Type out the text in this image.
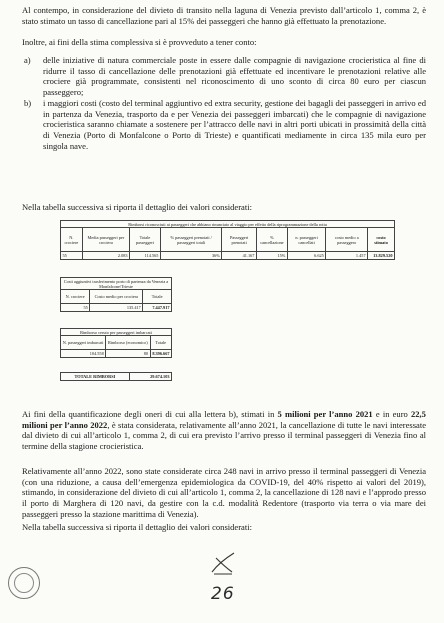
Al contempo, in considerazione del divieto di transito nella laguna di Venezia previsto dall’articolo 1, comma 2, è stato stimato un tasso di cancellazione pari al 15% dei passeggeri che hanno già effettuato la prenotazione.
Inoltre, ai fini della stima complessiva si è provveduto a tener conto:
a) delle iniziative di natura commerciale poste in essere dalle compagnie di navigazione crocieristica al fine di ridurre il tasso di cancellazione delle prenotazioni già effettuate ed incentivare le prenotazioni relative alle crociere già programmate, consistenti nel riconoscimento di uno sconto di circa 80 euro per ciascun passeggero;
b) i maggiori costi (costo del terminal aggiuntivo ed extra security, gestione dei bagagli dei passeggeri in arrivo ed in partenza da Venezia, trasporto da e per Venezia dei passeggeri imbarcati) che le compagnie di navigazione crocieristica saranno chiamate a sostenere per l’attracco delle navi in altri porti ubicati in prossimità della città di Venezia (Porto di Monfalcone o Porto di Trieste) e quantificati mediamente in circa 135 mila euro per singola nave.
Nella tabella successiva si riporta il dettaglio dei valori considerati:
Rimborsi riconosciuti ai passeggeri che abbiano rinunciato al viaggio per effetto della riprogrammazione della rotta								
N. crociere	Media passeggeri per crociera	Totale passeggeri	% passeggeri prenotati / passeggeri totali	Passeggeri prenotati	% cancellazione	n. passeggeri cancellati	costo medio a passeggero	costo stimato
55	2.083	114.565	36%	41.167	15%	6.625	1.457	13.829.520
Costi aggiuntivi trasferimento porto di partenza da Venezia a Monfalcone/Trieste		
N. crociere	Costo medio per crociera	Totale
55	135.417	7.447.917
Rimborso ceruto per passeggeri imbarcati		
N. passeggeri imbarcati	Rimborso (economico)	Totale
104.558	80	8.396.667
TOTALE RIMBORSI	29.674.103
Ai fini della quantificazione degli oneri di cui alla lettera b), stimati in 5 milioni per l’anno 2021 e in euro 22,5 milioni per l’anno 2022, è stata considerata, relativamente all’anno 2021, la cancellazione di tutte le navi interessate dal divieto di cui all’articolo 1, comma 2, di cui era previsto l’arrivo presso il terminal passeggeri di Venezia fino al termine della stagione crocieristica.
Relativamente all’anno 2022, sono state considerate circa 248 navi in arrivo presso il terminal passeggeri di Venezia (con una riduzione, a causa dell’emergenza epidemiologica da COVID-19, del 40% rispetto ai valori del 2019), stimando, in considerazione del divieto di cui all’articolo 1, comma 2, la cancellazione di 128 navi e l’approdo presso il porto di Marghera di 120 navi, da gestire con la c.d. modalità Redentore (trasporto via terra o via mare dei passeggeri presso la stazione marittima di Venezia).
Nella tabella successiva si riporta il dettaglio dei valori considerati:
26
